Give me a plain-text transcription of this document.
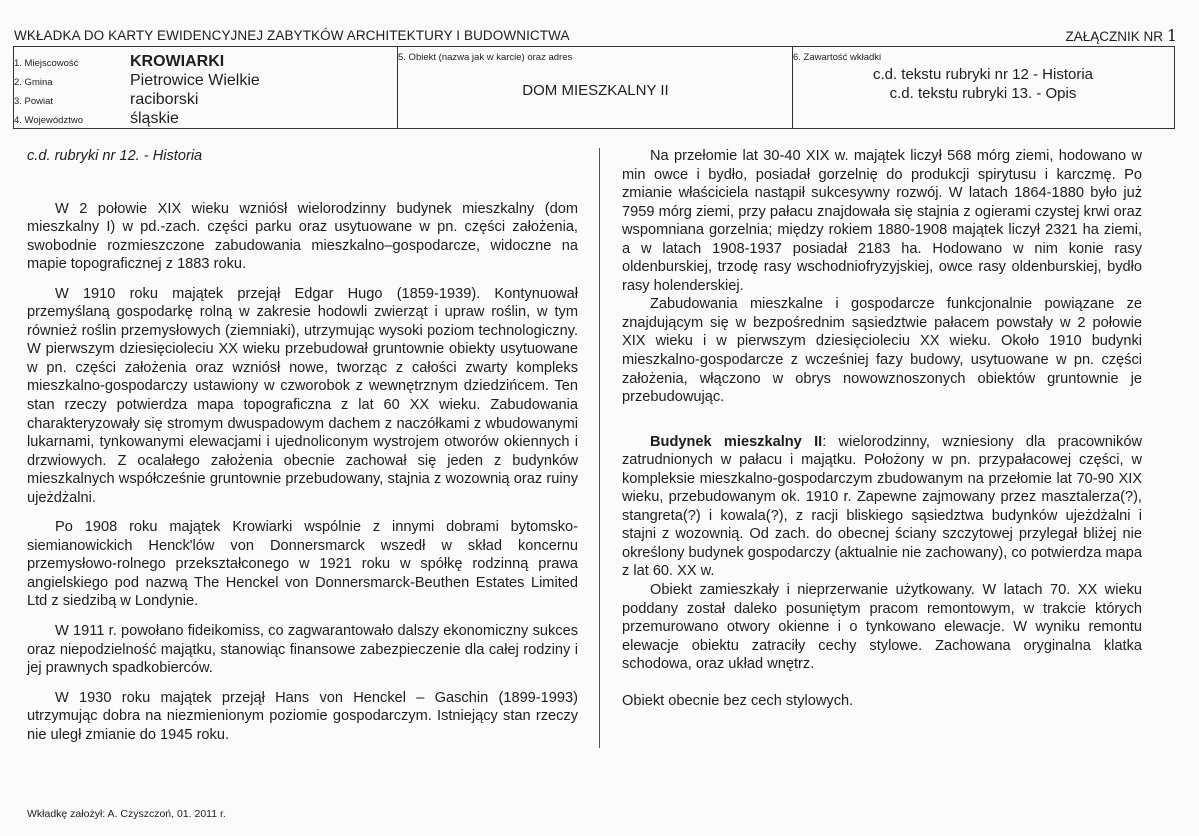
WKŁADKA DO KARTY EWIDENCYJNEJ ZABYTKÓW ARCHITEKTURY I BUDOWNICTWA	ZAŁĄCZNIK NR 1
1. Miejscowość	KROWIARKI
2. Gmina	Pietrowice Wielkie
3. Powiat	raciborski
4. Województwo	śląskie
5. Obiekt (nazwa jak w karcie) oraz adres
DOM MIESZKALNY II
6. Zawartość wkładki
c.d. tekstu rubryki nr 12 - Historia
c.d. tekstu rubryki 13. - Opis

c.d. rubryki nr 12. - Historia

W 2 połowie XIX wieku wzniósł wielorodzinny budynek mieszkalny (dom mieszkalny I) w pd.-zach. części parku oraz usytuowane w pn. części założenia, swobodnie rozmieszczone zabudowania mieszkalno–gospodarcze, widoczne na mapie topograficznej z 1883 roku.

W 1910 roku majątek przejął Edgar Hugo (1859-1939). Kontynuował przemyślaną gospodarkę rolną w zakresie hodowli zwierząt i upraw roślin, w tym również roślin przemysłowych (ziemniaki), utrzymując wysoki poziom technologiczny. W pierwszym dziesięcioleciu XX wieku przebudował gruntownie obiekty usytuowane w pn. części założenia oraz wzniósł nowe, tworząc z całości zwarty kompleks mieszkalno-gospodarczy ustawiony w czworobok z wewnętrznym dziedzińcem. Ten stan rzeczy potwierdza mapa topograficzna z lat 60 XX wieku. Zabudowania charakteryzowały się stromym dwuspadowym dachem z naczółkami z wbudowanymi lukarnami, tynkowanymi elewacjami i ujednoliconym wystrojem otworów okiennych i drzwiowych. Z ocalałego założenia obecnie zachował się jeden z budynków mieszkalnych współcześnie gruntownie przebudowany, stajnia z wozownią oraz ruiny ujeżdżalni.

Po 1908 roku majątek Krowiarki wspólnie z innymi dobrami bytomsko-siemianowickich Henck'lów von Donnersmarck wszedł w skład koncernu przemysłowo-rolnego przekształconego w 1921 roku w spółkę rodzinną prawa angielskiego pod nazwą The Henckel von Donnersmarck-Beuthen Estates Limited Ltd z siedzibą w Londynie.

W 1911 r. powołano fideikomiss, co zagwarantowało dalszy ekonomiczny sukces oraz niepodzielność majątku, stanowiąc finansowe zabezpieczenie dla całej rodziny i jej prawnych spadkobierców.

W 1930 roku majątek przejął Hans von Henckel – Gaschin (1899-1993) utrzymując dobra na niezmienionym poziomie gospodarczym. Istniejący stan rzeczy nie uległ zmianie do 1945 roku.

Na przełomie lat 30-40 XIX w. majątek liczył 568 mórg ziemi, hodowano w min owce i bydło, posiadał gorzelnię do produkcji spirytusu i karczmę. Po zmianie właściciela nastąpił sukcesywny rozwój. W latach 1864-1880 było już 7959 mórg ziemi, przy pałacu znajdowała się stajnia z ogierami czystej krwi oraz wspomniana gorzelnia; między rokiem 1880-1908 majątek liczył 2321 ha ziemi, a w latach 1908-1937 posiadał 2183 ha. Hodowano w nim konie rasy oldenburskiej, trzodę rasy wschodniofryzyjskiej, owce rasy oldenburskiej, bydło rasy holenderskiej.

Zabudowania mieszkalne i gospodarcze funkcjonalnie powiązane ze znajdującym się w bezpośrednim sąsiedztwie pałacem powstały w 2 połowie XIX wieku i w pierwszym dziesięcioleciu XX wieku. Około 1910 budynki mieszkalno-gospodarcze z wcześniej fazy budowy, usytuowane w pn. części założenia, włączono w obrys nowowznoszonych obiektów gruntownie je przebudowując.

Budynek mieszkalny II: wielorodzinny, wzniesiony dla pracowników zatrudnionych w pałacu i majątku. Położony w pn. przypałacowej części, w kompleksie mieszkalno-gospodarczym zbudowanym na przełomie lat 70-90 XIX wieku, przebudowanym ok. 1910 r. Zapewne zajmowany przez masztalerza(?), stangreta(?) i kowala(?), z racji bliskiego sąsiedztwa budynków ujeżdżalni i stajni z wozownią. Od zach. do obecnej ściany szczytowej przylegał bliżej nie określony budynek gospodarczy (aktualnie nie zachowany), co potwierdza mapa z lat 60. XX w.

Obiekt zamieszkały i nieprzerwanie użytkowany. W latach 70. XX wieku poddany został daleko posuniętym pracom remontowym, w trakcie których przemurowano otwory okienne i o tynkowano elewacje. W wyniku remontu elewacje obiektu zatraciły cechy stylowe. Zachowana oryginalna klatka schodowa, oraz układ wnętrz.

Obiekt obecnie bez cech stylowych.

Wkładkę założył: A. Czyszczoń, 01. 2011 r.
